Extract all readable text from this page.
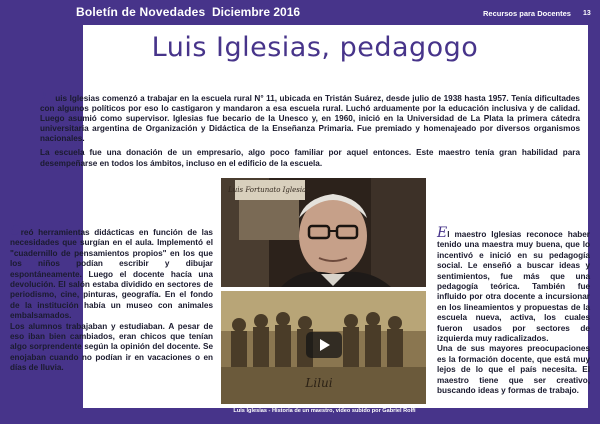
Boletín de Novedades Diciembre 2016	Recursos para Docentes 13
Luis Iglesias, pedagogo
L uis Iglesias comenzó a trabajar en la escuela rural N° 11, ubicada en Tristán Suárez, desde julio de 1938 hasta 1957. Tenía dificultades con algunos políticos por eso lo castigaron y mandaron a esa escuela rural. Luchó arduamente por la educación inclusiva y de calidad. Luego asumió como supervisor. Iglesias fue becario de la Unesco y, en 1960, inició en la Universidad de La Plata la primera cátedra universitaria argentina de Organización y Didáctica de la Enseñanza Primaria. Fue premiado y homenajeado por diversos organismos nacionales.
La escuela fue una donación de un empresario, algo poco familiar por aquel entonces. Este maestro tenía gran habilidad para desempeñarse en todos los ámbitos, incluso en el edificio de la escuela.
Luis Fortunato Iglesias
Lilui
Luis Iglesias - Historia de un maestro, video subido por Gabriel Rolfi
Creó herramientas didácticas en función de las necesidades que surgían en el aula. Implementó el "cuadernillo de pensamientos propios" en los que los niños podían escribir y dibujar espontáneamente. Luego el docente hacía una devolución. El salón estaba dividido en sectores de periodismo, cine, pinturas, geografía. En el fondo de la institución había un museo con animales embalsamados.
Los alumnos trabajaban y estudiaban. A pesar de eso iban bien cambiados, eran chicos que tenían algo sorprendente según la opinión del docente. Se enojaban cuando no podían ir en vacaciones o en días de lluvia.
El maestro Iglesias reconoce haber tenido una maestra muy buena, que lo incentivó e inició en su pedagogía social. Le enseñó a buscar ideas y sentimientos, fue más que una pedagogía teórica. También fue influido por otra docente a incursionar en los lineamientos y propuestas de la escuela nueva, activa, los cuales fueron usados por sectores de izquierda muy radicalizados.
Una de sus mayores preocupaciones es la formación docente, que está muy lejos de lo que el país necesita. El maestro tiene que ser creativo, buscando ideas y formas de trabajo.
